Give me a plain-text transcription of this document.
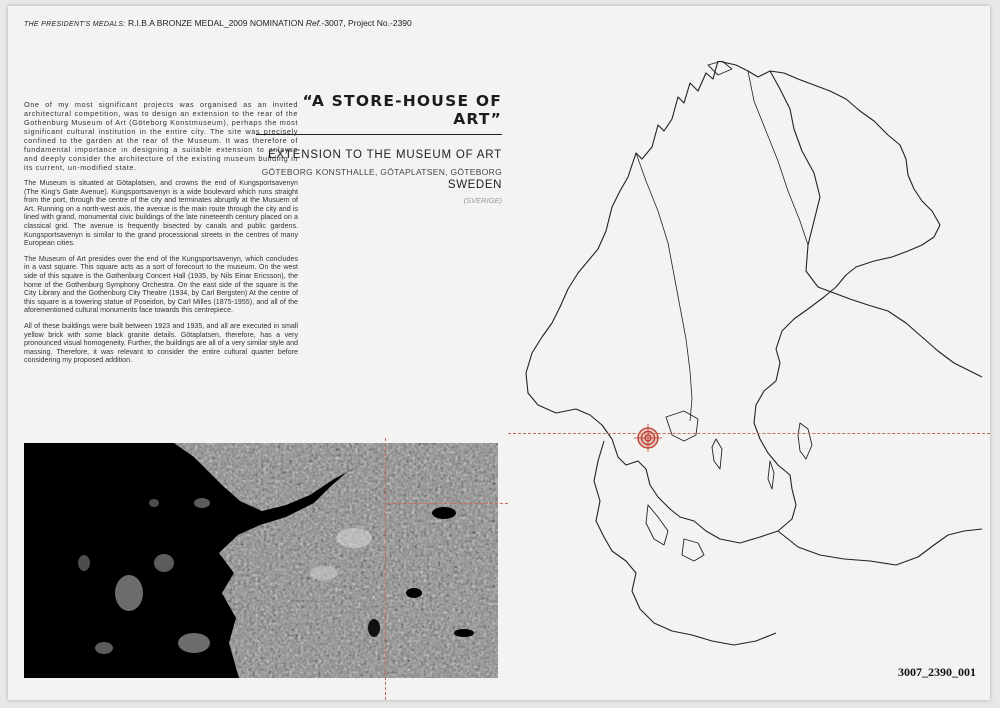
THE PRESIDENT'S MEDALS: R.I.B.A BRONZE MEDAL_2009 NOMINATION Ref.-3007, Project No.-2390

One of my most significant projects was organised as an invited architectural competition, was to design an extension to the rear of the Gothenburg Museum of Art (Göteborg Konstmuseum), perhaps the most significant cultural institution in the entire city. The site was precisely confined to the garden at the rear of the Museum. It was therefore of fundamental importance in designing a suitable extension to anlayse and deeply consider the architecture of the existing museum building in its current, un-modified state.

The Museum is situated at Götaplatsen, and crowns the end of Kungsportsavenyn (The King's Gate Avenue). Kungsportsavenyn is a wide boulevard which runs straight from the port, through the centre of the city and terminates abruptly at the Musuem of Art. Running on a north-west axis, the avenue is the main route through the city and is lined with grand, monumental civic buildings of the late nineteenth century placed on a classical grid. The avenue is frequently bisected by canals and public gardens. Kungsportsavenyn is similar to the grand processional streets in the centres of many European cities.

The Museum of Art presides over the end of the Kungsportsavenyn, which concludes in a vast square. This square acts as a sort of forecourt to the museum. On the west side of this square is the Gothenburg Concert Hall (1935, by Nils Einar Ericsson), the home of the Gothenburg Symphony Orchestra. On the east side of the square is the City Library and the Gothenburg City Theatre (1934, by Carl Bergsten) At the centre of this square is a towering statue of Poseidon, by Carl Milles (1875-1955), and all of the aforementioned cultural monuments face towards this centrepiece.

All of these buildings were built between 1923 and 1935, and all are executed in small yellow brick with some black granite details. Götaplatsen, therefore, has a very pronounced visual homogeneity. Further, the buildings are all of a very similar style and massing. Therefore, it was relevant to consider the entire cultural quarter before considering my proposed addition.

“A STORE-HOUSE OF ART”
EXTENSION TO THE MUSEUM OF ART
GÖTEBORG KONSTHALLE, GÖTAPLATSEN, GÖTEBORG
SWEDEN
(SVERIGE)
3007_2390_001
